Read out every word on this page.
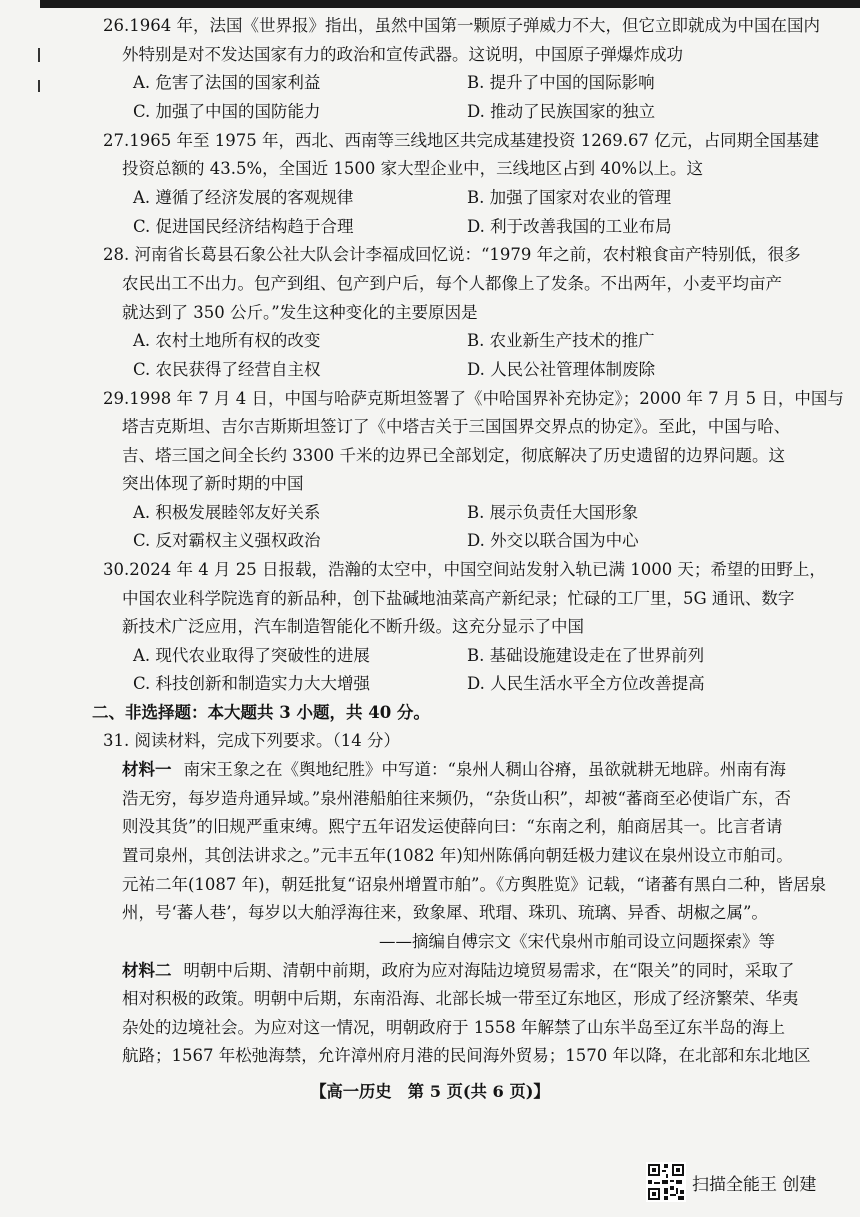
26.1964 年，法国《世界报》指出，虽然中国第一颗原子弹威力不大，但它立即就成为中国在国内
外特别是对不发达国家有力的政治和宣传武器。这说明，中国原子弹爆炸成功
A. 危害了法国的国家利益	B. 提升了中国的国际影响
C. 加强了中国的国防能力	D. 推动了民族国家的独立
27.1965 年至 1975 年，西北、西南等三线地区共完成基建投资 1269.67 亿元，占同期全国基建
投资总额的 43.5%，全国近 1500 家大型企业中，三线地区占到 40%以上。这
A. 遵循了经济发展的客观规律	B. 加强了国家对农业的管理
C. 促进国民经济结构趋于合理	D. 利于改善我国的工业布局
28. 河南省长葛县石象公社大队会计李福成回忆说：“1979 年之前，农村粮食亩产特别低，很多
农民出工不出力。包产到组、包产到户后，每个人都像上了发条。不出两年，小麦平均亩产
就达到了 350 公斤。”发生这种变化的主要原因是
A. 农村土地所有权的改变	B. 农业新生产技术的推广
C. 农民获得了经营自主权	D. 人民公社管理体制废除
29.1998 年 7 月 4 日，中国与哈萨克斯坦签署了《中哈国界补充协定》；2000 年 7 月 5 日，中国与
塔吉克斯坦、吉尔吉斯斯坦签订了《中塔吉关于三国国界交界点的协定》。至此，中国与哈、
吉、塔三国之间全长约 3300 千米的边界已全部划定，彻底解决了历史遗留的边界问题。这
突出体现了新时期的中国
A. 积极发展睦邻友好关系	B. 展示负责任大国形象
C. 反对霸权主义强权政治	D. 外交以联合国为中心
30.2024 年 4 月 25 日报载，浩瀚的太空中，中国空间站发射入轨已满 1000 天；希望的田野上，
中国农业科学院选育的新品种，创下盐碱地油菜高产新纪录；忙碌的工厂里，5G 通讯、数字
新技术广泛应用，汽车制造智能化不断升级。这充分显示了中国
A. 现代农业取得了突破性的进展	B. 基础设施建设走在了世界前列
C. 科技创新和制造实力大大增强	D. 人民生活水平全方位改善提高
二、非选择题：本大题共 3 小题，共 40 分。
31. 阅读材料，完成下列要求。（14 分）
材料一 南宋王象之在《舆地纪胜》中写道：“泉州人稠山谷瘠，虽欲就耕无地辟。州南有海
浩无穷，每岁造舟通异域。”泉州港船舶往来频仍，“杂货山积”，却被“蕃商至必使诣广东，否
则没其货”的旧规严重束缚。熙宁五年诏发运使薛向曰：“东南之利，舶商居其一。比言者请
置司泉州，其创法讲求之。”元丰五年(1082 年)知州陈偁向朝廷极力建议在泉州设立市舶司。
元祐二年(1087 年)，朝廷批复“诏泉州增置市舶”。《方舆胜览》记载，“诸蕃有黑白二种，皆居泉
州，号‘蕃人巷’，每岁以大舶浮海往来，致象犀、玳瑁、珠玑、琉璃、异香、胡椒之属”。
——摘编自傅宗文《宋代泉州市舶司设立问题探索》等
材料二 明朝中后期、清朝中前期，政府为应对海陆边境贸易需求，在“限关”的同时，采取了
相对积极的政策。明朝中后期，东南沿海、北部长城一带至辽东地区，形成了经济繁荣、华夷
杂处的边境社会。为应对这一情况，明朝政府于 1558 年解禁了山东半岛至辽东半岛的海上
航路；1567 年松弛海禁，允许漳州府月港的民间海外贸易；1570 年以降，在北部和东北地区
【高一历史　第 5 页(共 6 页)】
扫描全能王 创建
